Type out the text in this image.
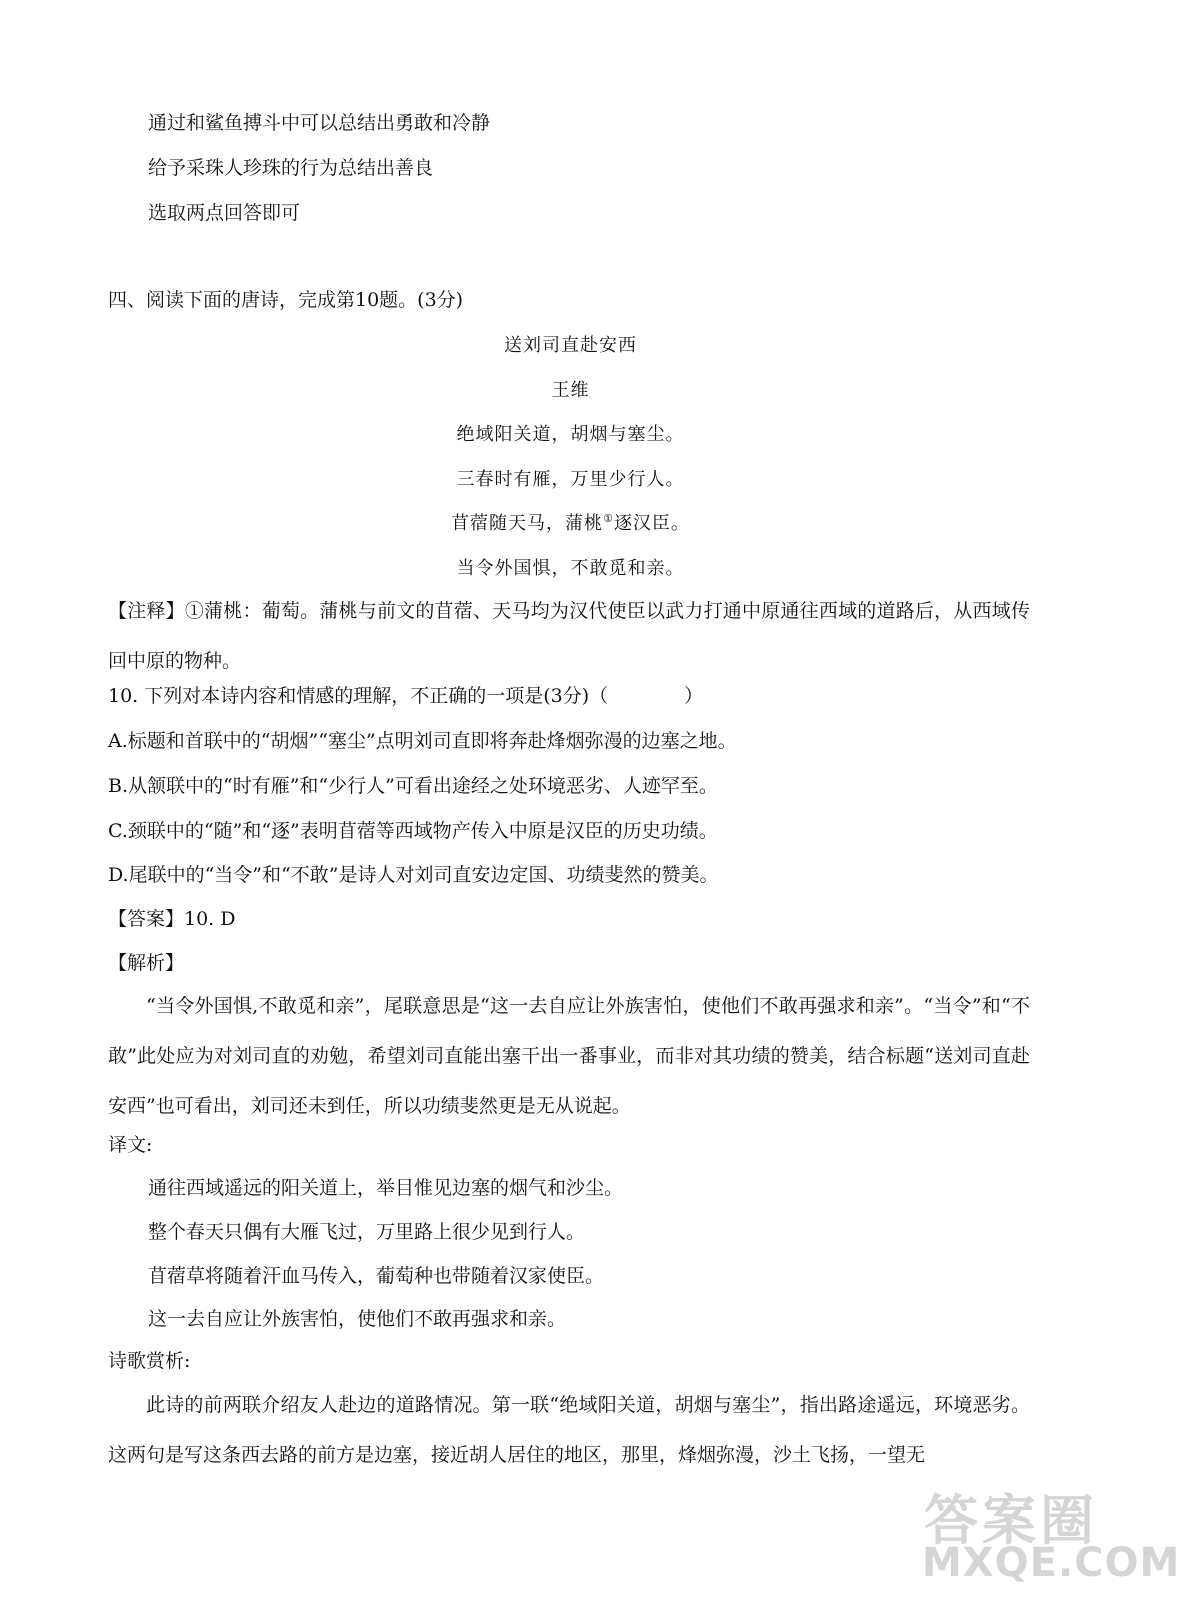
通过和鲨鱼搏斗中可以总结出勇敢和冷静
给予采珠人珍珠的行为总结出善良
选取两点回答即可
四、阅读下面的唐诗，完成第10题。(3分)
送刘司直赴安西
王维
绝域阳关道，胡烟与塞尘。
三春时有雁，万里少行人。
苜蓿随天马，蒲桃①逐汉臣。
当令外国惧，不敢觅和亲。
【注释】①蒲桃：葡萄。蒲桃与前文的苜蓿、天马均为汉代使臣以武力打通中原通往西域的道路后，从西域传回中原的物种。
10. 下列对本诗内容和情感的理解，不正确的一项是(3分)（　　　　）
A.标题和首联中的“胡烟”“塞尘”点明刘司直即将奔赴烽烟弥漫的边塞之地。
B.从颔联中的“时有雁”和“少行人”可看出途经之处环境恶劣、人迹罕至。
C.颈联中的“随”和“逐”表明苜蓿等西域物产传入中原是汉臣的历史功绩。
D.尾联中的“当令”和“不敢”是诗人对刘司直安边定国、功绩斐然的赞美。
【答案】10. D
【解析】
“当令外国惧,不敢觅和亲”，尾联意思是“这一去自应让外族害怕，使他们不敢再强求和亲”。“当令”和“不敢”此处应为对刘司直的劝勉，希望刘司直能出塞干出一番事业，而非对其功绩的赞美，结合标题“送刘司直赴安西”也可看出，刘司还未到任，所以功绩斐然更是无从说起。
译文:
通往西域遥远的阳关道上，举目惟见边塞的烟气和沙尘。
整个春天只偶有大雁飞过，万里路上很少见到行人。
苜蓿草将随着汗血马传入，葡萄种也带随着汉家使臣。
这一去自应让外族害怕，使他们不敢再强求和亲。
诗歌赏析:
此诗的前两联介绍友人赴边的道路情况。第一联“绝域阳关道，胡烟与塞尘”，指出路途遥远，环境恶劣。这两句是写这条西去路的前方是边塞，接近胡人居住的地区，那里，烽烟弥漫，沙土飞扬，一望无
答案圈
MXQE.COM
